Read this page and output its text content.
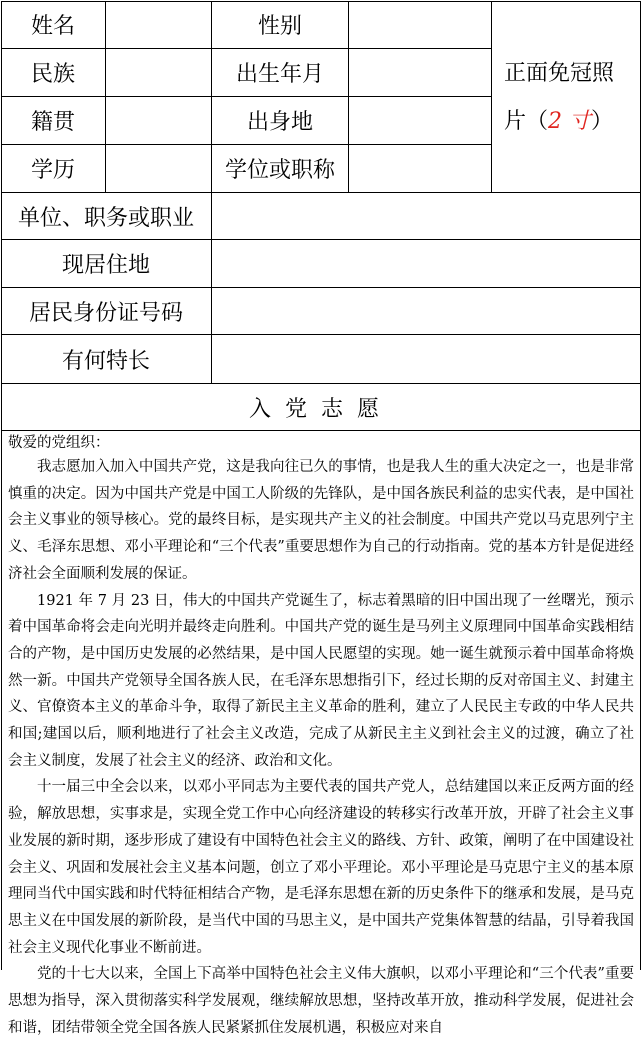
姓名	性别
民族	出生年月
籍贯	出身地
学历	学位或职称
正面免冠照片（2 寸）
单位、职务或职业
现居住地
居民身份证号码
有何特长
入党志愿

敬爱的党组织：

我志愿加入加入中国共产党，这是我向往已久的事情，也是我人生的重大决定之一，也是非常慎重的决定。因为中国共产党是中国工人阶级的先锋队，是中国各族民利益的忠实代表，是中国社会主义事业的领导核心。党的最终目标，是实现共产主义的社会制度。中国共产党以马克思列宁主义、毛泽东思想、邓小平理论和“三个代表”重要思想作为自己的行动指南。党的基本方针是促进经济社会全面顺利发展的保证。

1921 年 7 月 23 日，伟大的中国共产党诞生了，标志着黑暗的旧中国出现了一丝曙光，预示着中国革命将会走向光明并最终走向胜利。中国共产党的诞生是马列主义原理同中国革命实践相结合的产物，是中国历史发展的必然结果，是中国人民愿望的实现。她一诞生就预示着中国革命将焕然一新。中国共产党领导全国各族人民，在毛泽东思想指引下，经过长期的反对帝国主义、封建主义、官僚资本主义的革命斗争，取得了新民主主义革命的胜利，建立了人民民主专政的中华人民共和国;建国以后，顺利地进行了社会主义改造，完成了从新民主主义到社会主义的过渡，确立了社会主义制度，发展了社会主义的经济、政治和文化。

十一届三中全会以来，以邓小平同志为主要代表的国共产党人，总结建国以来正反两方面的经验，解放思想，实事求是，实现全党工作中心向经济建设的转移实行改革开放，开辟了社会主义事业发展的新时期，逐步形成了建设有中国特色社会主义的路线、方针、政策，阐明了在中国建设社会主义、巩固和发展社会主义基本问题，创立了邓小平理论。邓小平理论是马克思宁主义的基本原理同当代中国实践和时代特征相结合产物，是毛泽东思想在新的历史条件下的继承和发展，是马克思主义在中国发展的新阶段，是当代中国的马思主义，是中国共产党集体智慧的结晶，引导着我国社会主义现代化事业不断前进。

党的十七大以来，全国上下高举中国特色社会主义伟大旗帜，以邓小平理论和“三个代表”重要思想为指导，深入贯彻落实科学发展观，继续解放思想，坚持改革开放，推动科学发展，促进社会和谐，团结带领全党全国各族人民紧紧抓住发展机遇，积极应对来自
